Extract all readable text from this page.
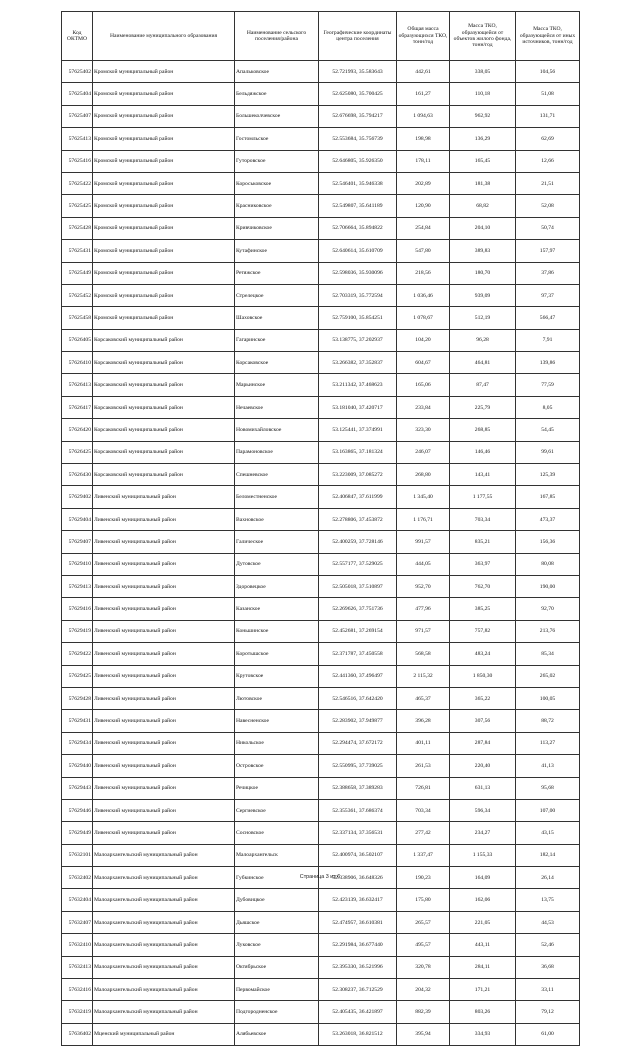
Код ОКТМО	Наименование муниципального образования	Наименование сельского поселения/района	Географические координаты центра поселения	Общая масса образующихся ТКО, тонн/год	Масса ТКО, образующейся от объектов жилого фонда, тонн/год	Масса ТКО, образующейся от иных источников, тонн/год
57625402	Кромской муниципальный район	Апальковское	52.721993, 35.583643	442,61	338,05	104,56
57625404	Кромской муниципальный район	Бельдяжское	52.625080, 35.700425	161,27	110,18	51,08
57625407	Кромской муниципальный район	Большеколчевское	52.676698, 35.794217	1 094,63	962,92	131,71
57625413	Кромской муниципальный район	Гостомльское	52.553684, 35.756739	198,98	136,29	62,69
57625416	Кромской муниципальный район	Гуторовское	52.646805, 35.926350	178,11	165,45	12,66
57625422	Кромской муниципальный район	Короськовское	52.546401, 35.946338	202,89	181,38	21,51
57625425	Кромской муниципальный район	Красниковское	52.549807, 35.641189	120,90	68,82	52,08
57625428	Кромской муниципальный район	Кривчиковское	52.706664, 35.894822	254,84	204,10	50,74
57625431	Кромской муниципальный район	Кутафинское	52.640614, 35.610709	547,80	389,83	157,97
57625449	Кромской муниципальный район	Ретяжское	52.598036, 35.930096	218,56	180,70	37,86
57625452	Кромской муниципальный район	Стрелецкое	52.703319, 35.772594	1 036,46	939,09	97,37
57625458	Кромской муниципальный район	Шаховское	52.759100, 35.854251	1 078,67	512,19	566,47
57626405	Корсаковский муниципальный район	Гагаринское	53.138775, 37.202937	104,20	96,28	7,91
57626410	Корсаковский муниципальный район	Корсаковское	53.266382, 37.352837	604,67	464,81	139,86
57626413	Корсаковский муниципальный район	Марьинское	53.211342, 37.468623	165,06	87,47	77,59
57626417	Корсаковский муниципальный район	Нечаевское	53.181040, 37.420717	233,84	225,79	8,05
57626420	Корсаковский муниципальный район	Новомихайловское	53.125441, 37.374991	323,30	268,85	54,45
57626425	Корсаковский муниципальный район	Парамоновское	53.163865, 37.181324	246,07	146,46	99,61
57626430	Корсаковский муниципальный район	Спешневское	53.223009, 37.085272	268,80	143,41	125,39
57629402	Ливенский муниципальный район	Беломестненское	52.406847, 37.611999	1 345,40	1 177,55	167,85
57629404	Ливенский муниципальный район	Вахновское	52.278806, 37.453872	1 176,71	703,34	473,37
57629407	Ливенский муниципальный район	Галическое	52.400259, 37.728146	991,57	835,21	156,36
57629410	Ливенский муниципальный район	Дутовское	52.557177, 37.529025	444,05	363,97	80,08
57629413	Ливенский муниципальный район	Здоровецкое	52.505018, 37.510897	952,70	762,70	190,00
57629416	Ливенский муниципальный район	Казанское	52.269626, 37.751736	477,96	385,25	92,70
57629419	Ливенский муниципальный район	Коньшинское	52.452681, 37.269154	971,57	757,82	213,76
57629422	Ливенский муниципальный район	Коротышское	52.371787, 37.450558	568,58	483,24	85,34
57629425	Ливенский муниципальный район	Крутовское	52.441360, 37.496497	2 115,32	1 850,30	265,02
57629428	Ливенский муниципальный район	Лютовское	52.546516, 37.642420	465,37	365,22	100,05
57629431	Ливенский муниципальный район	Навесненское	52.283902, 37.949877	396,28	307,56	88,72
57629434	Ливенский муниципальный район	Никольское	52.294474, 37.672172	401,11	287,84	113,27
57629440	Ливенский муниципальный район	Островское	52.550995, 37.739025	261,53	220,40	41,13
57629443	Ливенский муниципальный район	Речицкое	52.388658, 37.389283	726,81	631,13	95,68
57629446	Ливенский муниципальный район	Сергиевское	52.355361, 37.686374	703,34	596,34	107,00
57629449	Ливенский муниципальный район	Сосновское	52.337134, 37.356531	277,42	234,27	43,15
57632101	Малоархангельский муниципальный район	Малоархангельск	52.400974, 36.502107	1 337,47	1 155,33	182,14
57632402	Малоархангельский муниципальный район	Губкинское	52.338906, 36.648326	190,23	164,09	26,14
57632404	Малоархангельский муниципальный район	Дубовицкое	52.423139, 36.632417	175,80	162,06	13,75
57632407	Малоархангельский муниципальный район	Дьяшское	52.474957, 36.610381	265,57	221,05	44,53
57632410	Малоархангельский муниципальный район	Луковское	52.291984, 36.677440	495,57	443,11	52,46
57632413	Малоархангельский муниципальный район	Октябрьское	52.395330, 36.521996	320,78	284,11	36,68
57632416	Малоархангельский муниципальный район	Первомайское	52.308237, 36.712529	204,32	171,21	33,11
57632419	Малоархангельский муниципальный район	Подгородненское	52.405435, 36.421897	882,39	803,26	79,12
57636402	Мценский муниципальный район	Алябьевское	53.263018, 36.821512	395,94	334,93	61,00
Страница 3 из 6
